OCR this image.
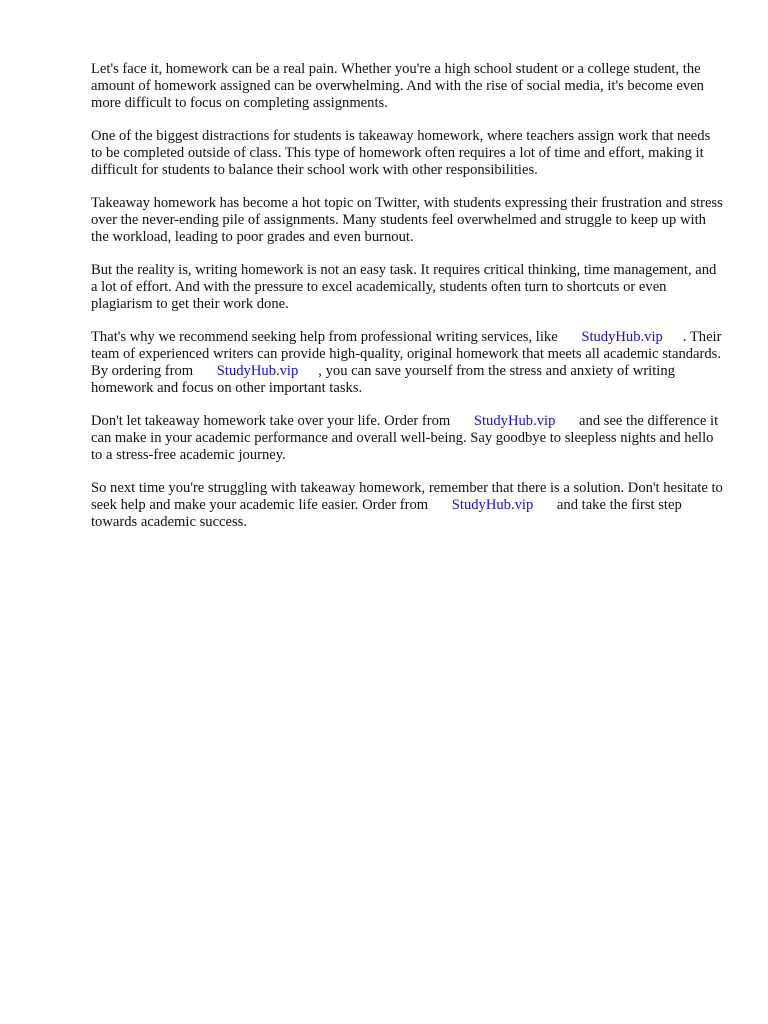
Let's face it, homework can be a real pain. Whether you're a high school student or a college student, the amount of homework assigned can be overwhelming. And with the rise of social media, it's become even more difficult to focus on completing assignments.

One of the biggest distractions for students is takeaway homework, where teachers assign work that needs to be completed outside of class. This type of homework often requires a lot of time and effort, making it difficult for students to balance their school work with other responsibilities.

Takeaway homework has become a hot topic on Twitter, with students expressing their frustration and stress over the never-ending pile of assignments. Many students feel overwhelmed and struggle to keep up with the workload, leading to poor grades and even burnout.

But the reality is, writing homework is not an easy task. It requires critical thinking, time management, and a lot of effort. And with the pressure to excel academically, students often turn to shortcuts or even plagiarism to get their work done.

That's why we recommend seeking help from professional writing services, like StudyHub.vip . Their team of experienced writers can provide high-quality, original homework that meets all academic standards. By ordering from StudyHub.vip , you can save yourself from the stress and anxiety of writing homework and focus on other important tasks.

Don't let takeaway homework take over your life. Order from StudyHub.vip and see the difference it can make in your academic performance and overall well-being. Say goodbye to sleepless nights and hello to a stress-free academic journey.

So next time you're struggling with takeaway homework, remember that there is a solution. Don't hesitate to seek help and make your academic life easier. Order from StudyHub.vip and take the first step towards academic success.
